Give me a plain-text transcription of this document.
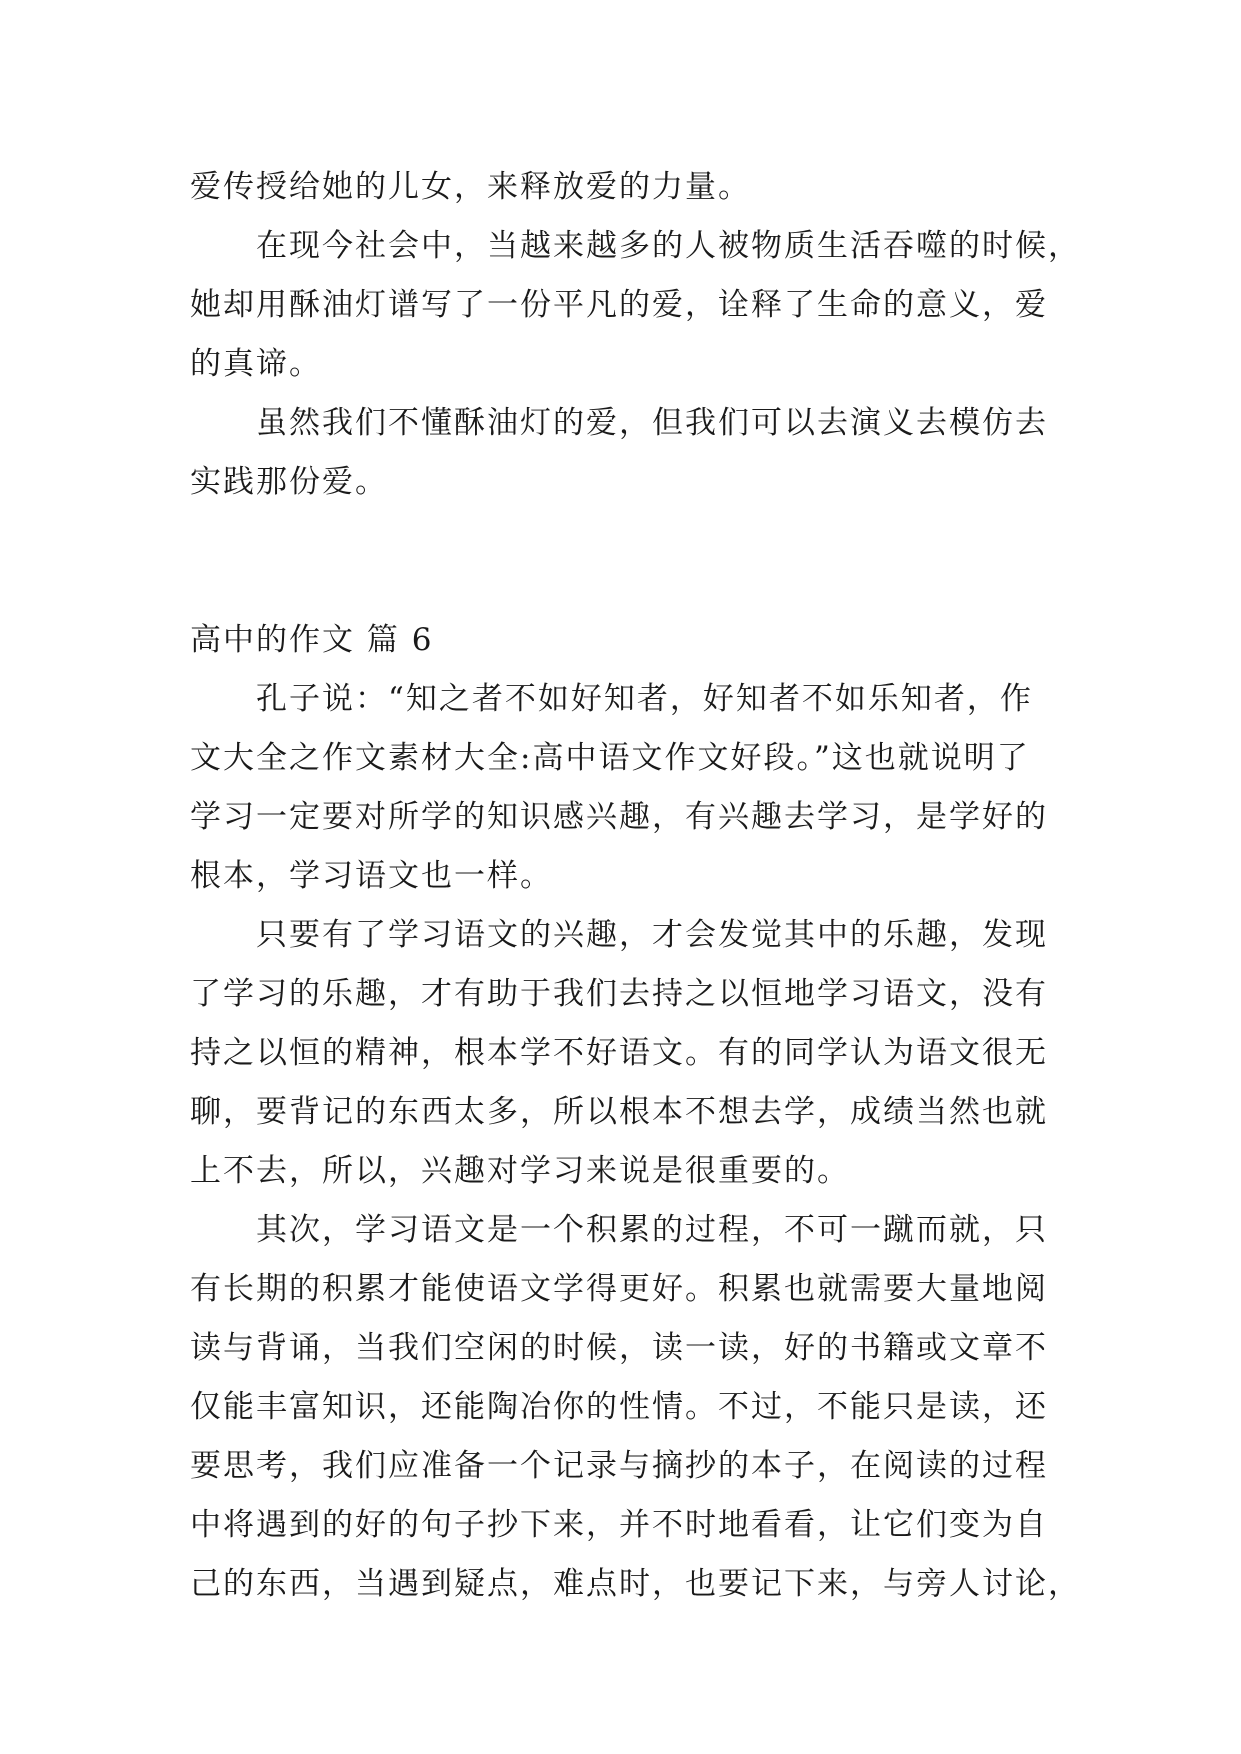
爱传授给她的儿女，来释放爱的力量。
　　在现今社会中，当越来越多的人被物质生活吞噬的时候，
她却用酥油灯谱写了一份平凡的爱，诠释了生命的意义，爱
的真谛。
　　虽然我们不懂酥油灯的爱，但我们可以去演义去模仿去
实践那份爱。
高中的作文 篇 6
　　孔子说：“知之者不如好知者，好知者不如乐知者，作
文大全之作文素材大全:高中语文作文好段。”这也就说明了
学习一定要对所学的知识感兴趣，有兴趣去学习，是学好的
根本，学习语文也一样。
　　只要有了学习语文的兴趣，才会发觉其中的乐趣，发现
了学习的乐趣，才有助于我们去持之以恒地学习语文，没有
持之以恒的精神，根本学不好语文。有的同学认为语文很无
聊，要背记的东西太多，所以根本不想去学，成绩当然也就
上不去，所以，兴趣对学习来说是很重要的。
　　其次，学习语文是一个积累的过程，不可一蹴而就，只
有长期的积累才能使语文学得更好。积累也就需要大量地阅
读与背诵，当我们空闲的时候，读一读，好的书籍或文章不
仅能丰富知识，还能陶冶你的性情。不过，不能只是读，还
要思考，我们应准备一个记录与摘抄的本子，在阅读的过程
中将遇到的好的句子抄下来，并不时地看看，让它们变为自
己的东西，当遇到疑点，难点时，也要记下来，与旁人讨论，
